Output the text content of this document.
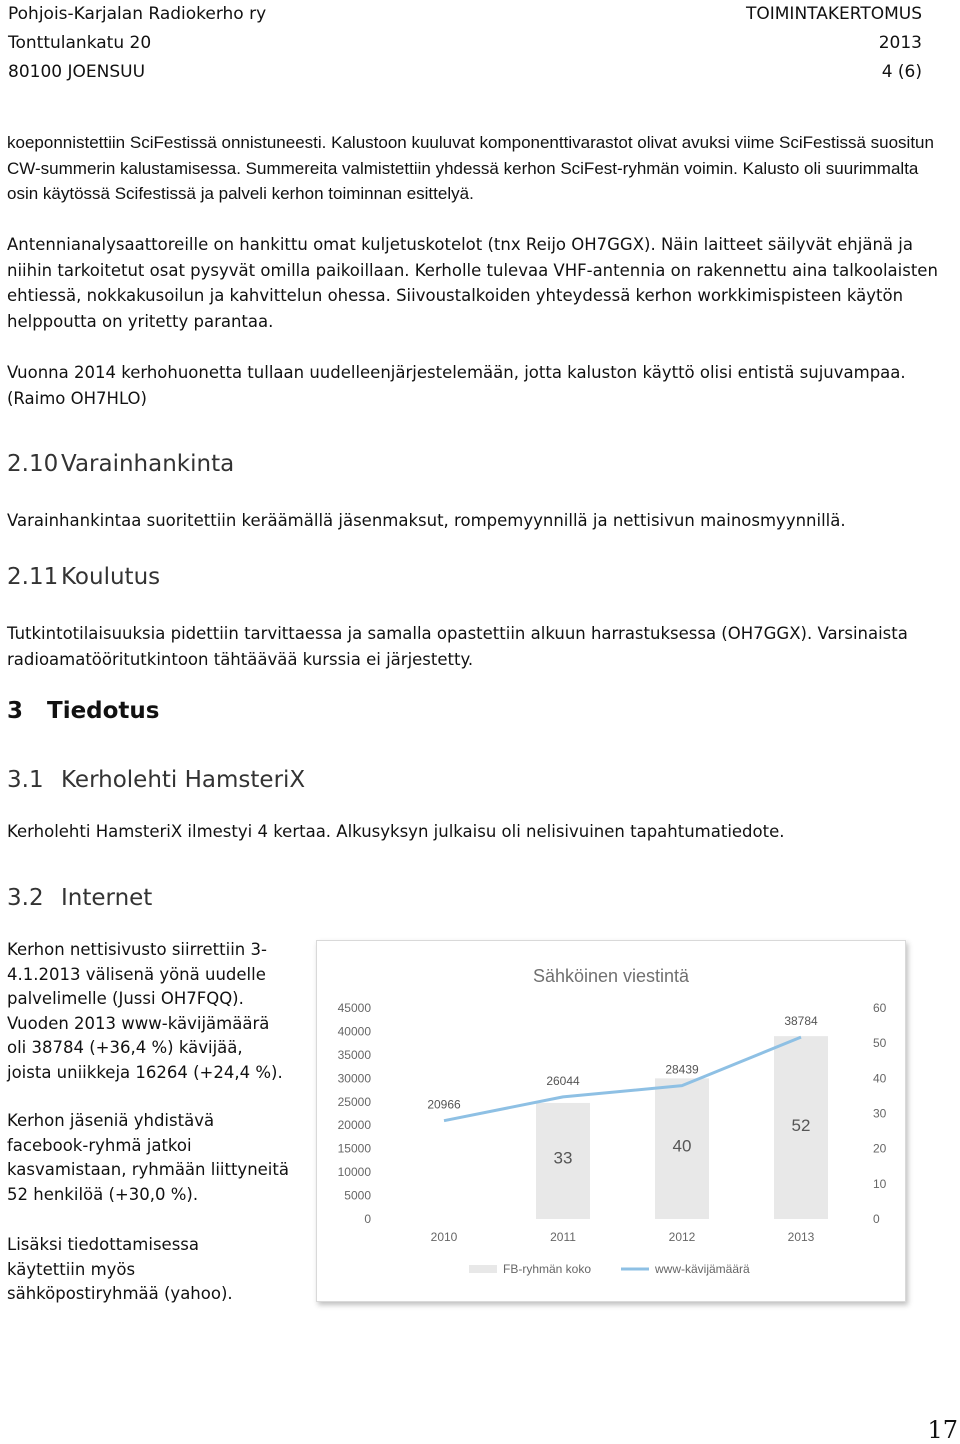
Pohjois-Karjalan Radiokerho ry
Tonttulankatu 20
80100 JOENSUU
TOIMINTAKERTOMUS
2013
4 (6)

koeponnistettiin SciFestissä onnistuneesti. Kalustoon kuuluvat komponenttivarastot olivat avuksi viime SciFestissä suositun CW-summerin kalustamisessa. Summereita valmistettiin yhdessä kerhon SciFest-ryhmän voimin. Kalusto oli suurimmalta osin käytössä Scifestissä ja palveli kerhon toiminnan esittelyä.

Antennianalysaattoreille on hankittu omat kuljetuskotelot (tnx Reijo OH7GGX). Näin laitteet säilyvät ehjänä ja niihin tarkoitetut osat pysyvät omilla paikoillaan. Kerholle tulevaa VHF-antennia on rakennettu aina talkoolaisten ehtiessä, nokkakusoilun ja kahvittelun ohessa. Siivoustalkoiden yhteydessä kerhon workkimispisteen käytön helppoutta on yritetty parantaa.

Vuonna 2014 kerhohuonetta tullaan uudelleenjärjestelemään, jotta kaluston käyttö olisi entistä sujuvampaa. (Raimo OH7HLO)

2.10 Varainhankinta

Varainhankintaa suoritettiin keräämällä jäsenmaksut, rompemyynnillä ja nettisivun mainosmyynnillä.

2.11 Koulutus

Tutkintotilaisuuksia pidettiin tarvittaessa ja samalla opastettiin alkuun harrastuksessa (OH7GGX). Varsinaista radioamatööritutkintoon tähtäävää kurssia ei järjestetty.

3 Tiedotus
3.1 Kerholehti HamsteriX

Kerholehti HamsteriX ilmestyi 4 kertaa. Alkusyksyn julkaisu oli nelisivuinen tapahtumatiedote.

3.2 Internet

Kerhon nettisivusto siirrettiin 3-4.1.2013 välisenä yönä uudelle palvelimelle (Jussi OH7FQQ). Vuoden 2013 www-kävijämäärä oli 38784 (+36,4 %) kävijää, joista uniikkeja 16264 (+24,4 %).

Kerhon jäseniä yhdistävä facebook-ryhmä jatkoi kasvamistaan, ryhmään liittyneitä 52 henkilöä (+30,0 %).

Lisäksi tiedottamisessa käytettiin myös sähköpostiryhmää (yahoo).

Sähköinen viestintä
0
5000
10000
15000
20000
25000
30000
35000
40000
45000
0
10
20
30
40
50
60
33
40
52
20966
26044
28439
38784
2010	2011	2012	2013
FB-ryhmän koko	www-kävijämäärä
17
